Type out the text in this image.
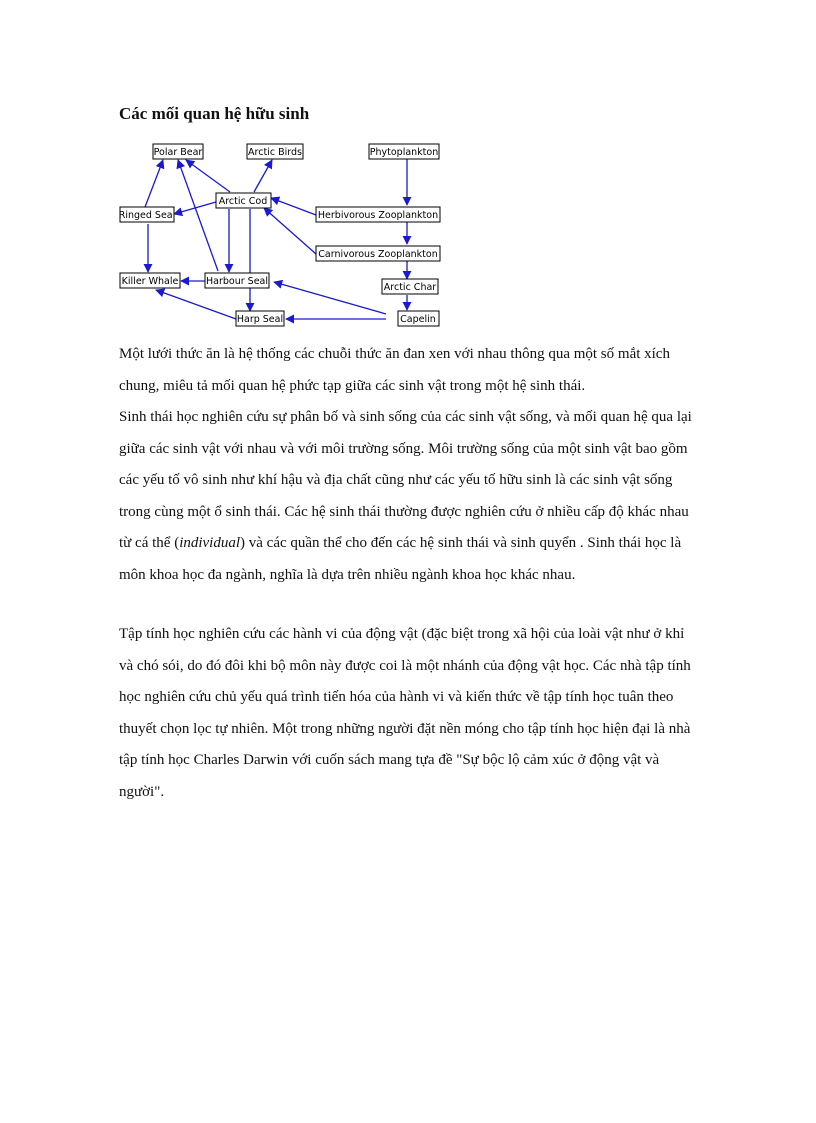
Các mối quan hệ hữu sinh
Polar Bear	Arctic Birds	Phytoplankton
Arctic Cod
Ringed Seal	Herbivorous Zooplankton
Carnivorous Zooplankton
Killer Whale	Harbour Seal
Arctic Char
Harp Seal	Capelin

Một lưới thức ăn là hệ thống các chuỗi thức ăn đan xen với nhau thông qua một số mắt xích chung, miêu tả mối quan hệ phức tạp giữa các sinh vật trong một hệ sinh thái.

Sinh thái học nghiên cứu sự phân bố và sinh sống của các sinh vật sống, và mối quan hệ qua lại giữa các sinh vật với nhau và với môi trường sống. Môi trường sống của một sinh vật bao gồm các yếu tố vô sinh như khí hậu và địa chất cũng như các yếu tố hữu sinh là các sinh vật sống trong cùng một ổ sinh thái. Các hệ sinh thái thường được nghiên cứu ở nhiều cấp độ khác nhau từ cá thể (individual) và các quần thể cho đến các hệ sinh thái và sinh quyển . Sinh thái học là môn khoa học đa ngành, nghĩa là dựa trên nhiều ngành khoa học khác nhau.

Tập tính học nghiên cứu các hành vi của động vật (đặc biệt trong xã hội của loài vật như ở khỉ và chó sói, do đó đôi khi bộ môn này được coi là một nhánh của động vật học. Các nhà tập tính học nghiên cứu chủ yếu quá trình tiến hóa của hành vi và kiến thức về tập tính học tuân theo thuyết chọn lọc tự nhiên. Một trong những người đặt nền móng cho tập tính học hiện đại là nhà tập tính học Charles Darwin với cuốn sách mang tựa đề "Sự bộc lộ cảm xúc ở động vật và người".
